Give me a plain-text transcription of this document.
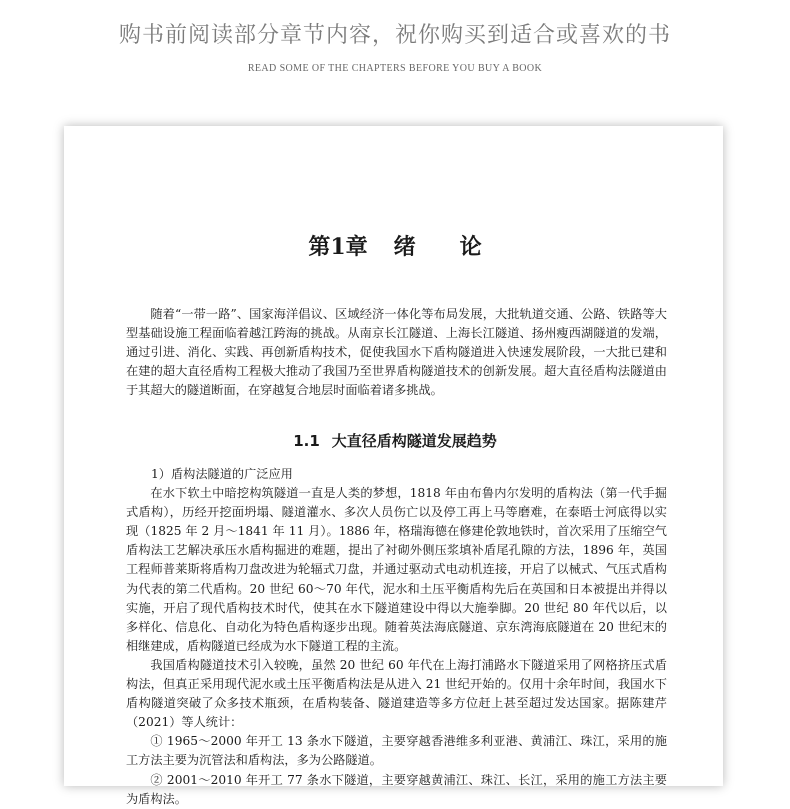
购书前阅读部分章节内容，祝你购买到适合或喜欢的书
READ SOME OF THE CHAPTERS BEFORE YOU BUY A BOOK
第1章 绪 论

随着“一带一路”、国家海洋倡议、区域经济一体化等布局发展，大批轨道交通、公路、铁路等大型基础设施工程面临着越江跨海的挑战。从南京长江隧道、上海长江隧道、扬州瘦西湖隧道的发端，通过引进、消化、实践、再创新盾构技术，促使我国水下盾构隧道进入快速发展阶段，一大批已建和在建的超大直径盾构工程极大推动了我国乃至世界盾构隧道技术的创新发展。超大直径盾构法隧道由于其超大的隧道断面，在穿越复合地层时面临着诸多挑战。

1.1 大直径盾构隧道发展趋势

1）盾构法隧道的广泛应用

在水下软土中暗挖构筑隧道一直是人类的梦想，1818 年由布鲁内尔发明的盾构法（第一代手掘式盾构），历经开挖面坍塌、隧道灌水、多次人员伤亡以及停工再上马等磨难，在泰晤士河底得以实现（1825 年 2 月～1841 年 11 月）。1886 年，格瑞海德在修建伦敦地铁时，首次采用了压缩空气盾构法工艺解决承压水盾构掘进的难题，提出了衬砌外侧压浆填补盾尾孔隙的方法，1896 年，英国工程师普莱斯将盾构刀盘改进为轮辐式刀盘，并通过驱动式电动机连接，开启了以械式、气压式盾构为代表的第二代盾构。20 世纪 60～70 年代，泥水和土压平衡盾构先后在英国和日本被提出并得以实施，开启了现代盾构技术时代，使其在水下隧道建设中得以大施拳脚。20 世纪 80 年代以后，以多样化、信息化、自动化为特色盾构逐步出现。随着英法海底隧道、京东湾海底隧道在 20 世纪末的相继建成，盾构隧道已经成为水下隧道工程的主流。

我国盾构隧道技术引入较晚，虽然 20 世纪 60 年代在上海打浦路水下隧道采用了网格挤压式盾构法，但真正采用现代泥水或土压平衡盾构法是从进入 21 世纪开始的。仅用十余年时间，我国水下盾构隧道突破了众多技术瓶颈，在盾构装备、隧道建造等多方位赶上甚至超过发达国家。据陈建芹（2021）等人统计：

① 1965～2000 年开工 13 条水下隧道，主要穿越香港维多利亚港、黄浦江、珠江，采用的施工方法主要为沉管法和盾构法，多为公路隧道。

② 2001～2010 年开工 77 条水下隧道，主要穿越黄浦江、珠江、长江，采用的施工方法主要为盾构法。
